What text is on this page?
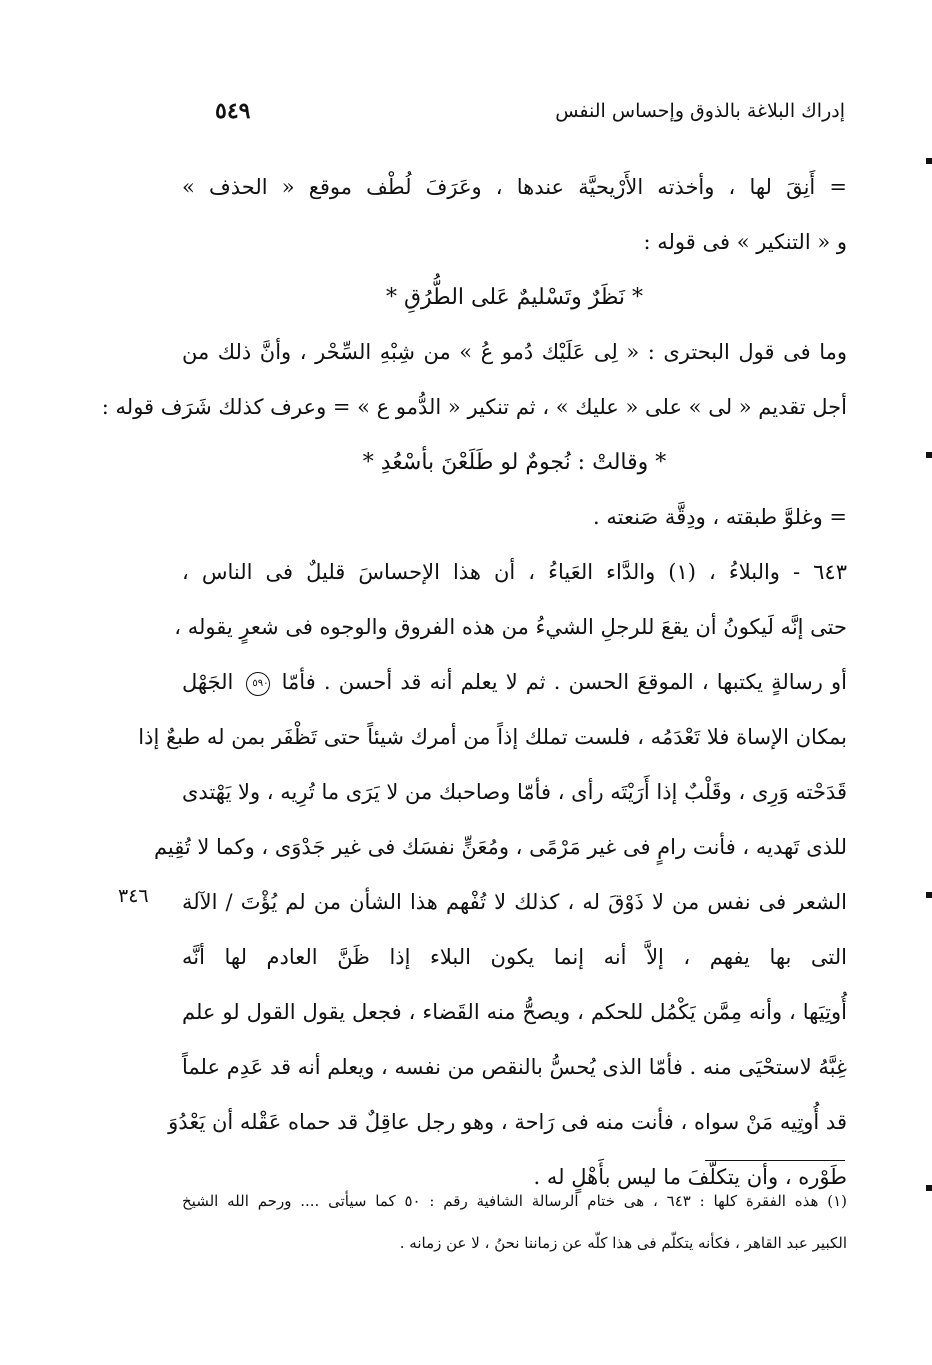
إدراك البلاغة بالذوق وإحساس النفس
٥٤٩
٣٤٦
= أَنِقَ لها ، وأخذته الأَرْيحيَّة عندها ، وعَرَفَ لُطْف موقع « الحذف »
و « التنكير » فى قوله :
* نَظَرٌ وتَسْليمٌ عَلى الطُّرُقِ *
وما فى قول البحترى : « لِى عَلَيْك دُمو عُ » من شِبْهِ السِّحْر ، وأنَّ ذلك من
أجل تقديم « لى » على « عليك » ، ثم تنكير « الدُّمو ع » = وعرف كذلك شَرَف قوله :
* وقالتْ : نُجومٌ لو طَلَعْنَ بأسْعُدِ *
= وغلوَّ طبقته ، ودِقَّة صَنعته .
٦٤٣ - والبلاءُ ، (١) والدَّاء العَياءُ ، أن هذا الإحساسَ قليلٌ فى الناس ،
حتى إنَّه لَيكونُ أن يقعَ للرجلِ الشيءُ من هذه الفروق والوجوه فى شعرٍ يقوله ،
أو رسالةٍ يكتبها ، الموقعَ الحسن . ثم لا يعلم أنه قد أحسن . فأمّا ٥٩٠ الجَهْل
بمكان الإساة فلا تَعْدَمُه ، فلست تملك إذاً من أمرك شيئاً حتى تَظْفَر بمن له طبعٌ إذا
قَدَحْته وَرِى ، وقَلْبٌ إذا أَرَيْتَه رأى ، فأمّا وصاحبك من لا يَرَى ما تُرِيه ، ولا يَهْتدى
للذى تَهديه ، فأنت رامٍ فى غير مَرْمًى ، ومُعَنٍّ نفسَك فى غير جَدْوَى ، وكما لا تُقِيم
الشعر فى نفس من لا ذَوْقَ له ، كذلك لا تُفْهم هذا الشأن من لم يُؤْتَ / الآلة
التى بها يفهم ، إلاَّ أنه إنما يكون البلاء إذا ظَنَّ العادم لها أنَّه
أُوتِيَها ، وأنه مِمَّن يَكْمُل للحكم ، ويصحُّ منه القَضاء ، فجعل يقول القول لو علم
غِبَّهُ لاستحْيَى منه . فأمّا الذى يُحسُّ بالنقص من نفسه ، ويعلم أنه قد عَدِم علماً
قد أُوتِيه مَنْ سواه ، فأنت منه فى رَاحة ، وهو رجل عاقِلٌ قد حماه عَقْله أن يَعْدُوَ
طَوْره ، وأن يتكلّفَ ما ليس بأَهْلٍ له .
(١) هذه الفقرة كلها : ٦٤٣ ، هى ختام الرسالة الشافية رقم : ٥٠ كما سيأتى .... ورحم الله الشيخ
الكبير عبد القاهر ، فكأنه يتكلّم فى هذا كلّه عن زماننا نحنُ ، لا عن زمانه .
